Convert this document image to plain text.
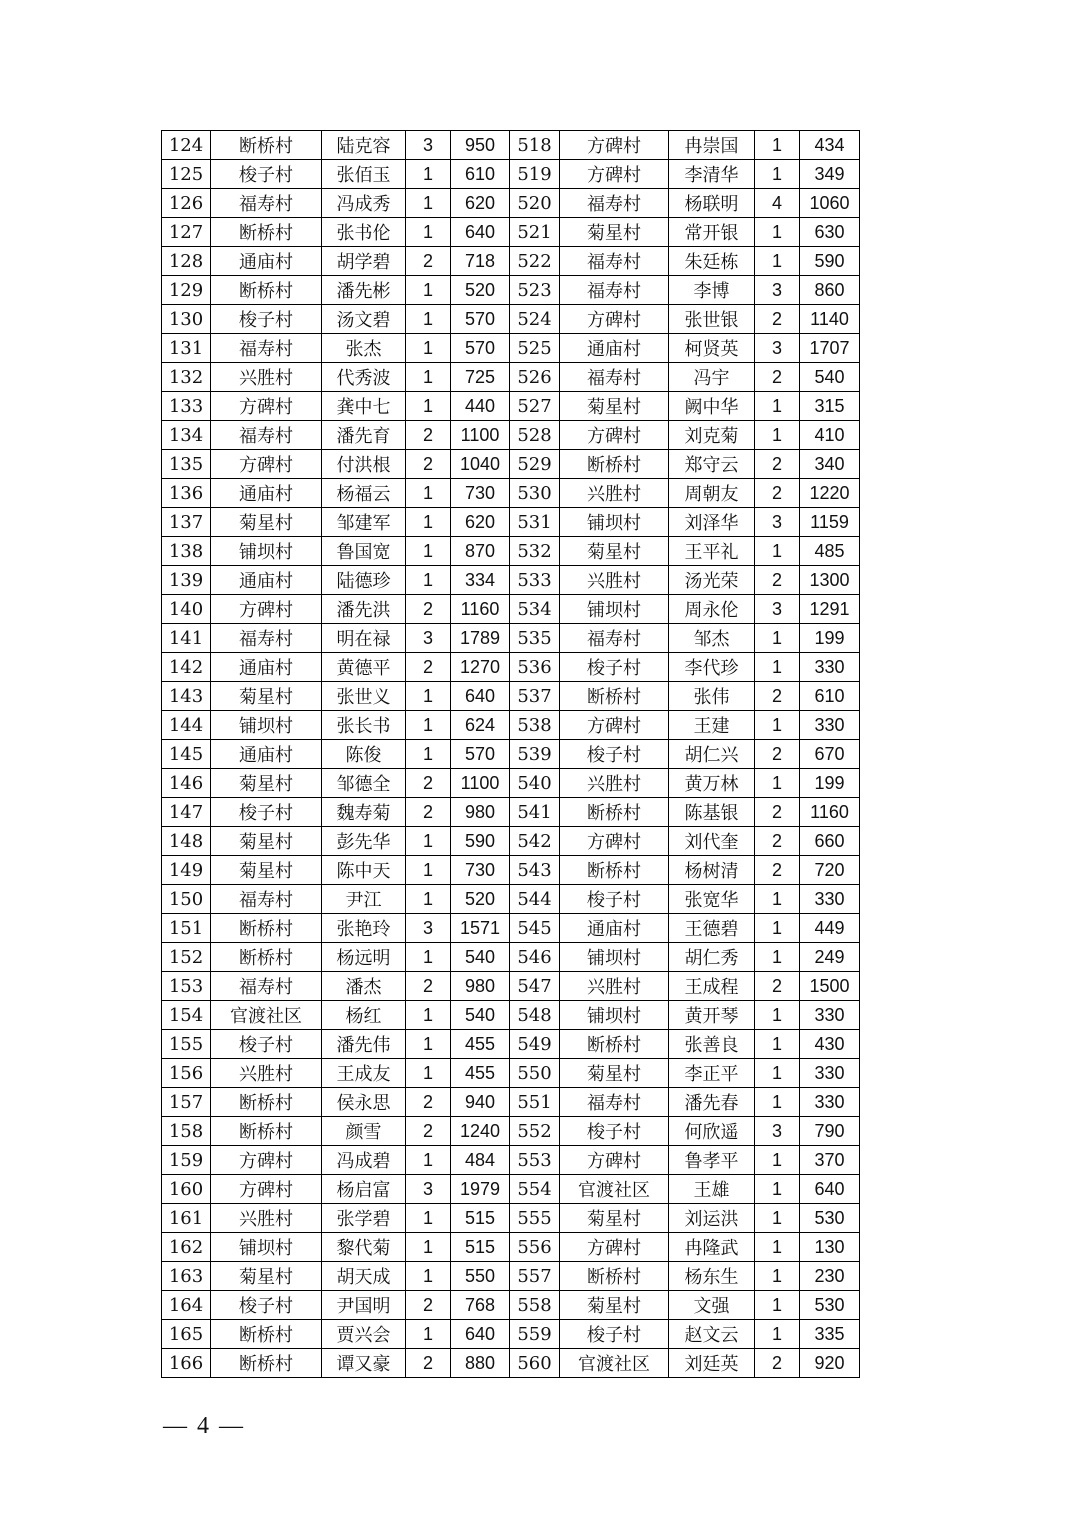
124	断桥村	陆克容	3	950	518	方碑村	冉崇国	1	434
125	梭子村	张佰玉	1	610	519	方碑村	李清华	1	349
126	福寿村	冯成秀	1	620	520	福寿村	杨联明	4	1060
127	断桥村	张书伦	1	640	521	菊星村	常开银	1	630
128	通庙村	胡学碧	2	718	522	福寿村	朱廷栋	1	590
129	断桥村	潘先彬	1	520	523	福寿村	李博	3	860
130	梭子村	汤文碧	1	570	524	方碑村	张世银	2	1140
131	福寿村	张杰	1	570	525	通庙村	柯贤英	3	1707
132	兴胜村	代秀波	1	725	526	福寿村	冯宇	2	540
133	方碑村	龚中七	1	440	527	菊星村	阙中华	1	315
134	福寿村	潘先育	2	1100	528	方碑村	刘克菊	1	410
135	方碑村	付洪根	2	1040	529	断桥村	郑守云	2	340
136	通庙村	杨福云	1	730	530	兴胜村	周朝友	2	1220
137	菊星村	邹建军	1	620	531	铺坝村	刘泽华	3	1159
138	铺坝村	鲁国宽	1	870	532	菊星村	王平礼	1	485
139	通庙村	陆德珍	1	334	533	兴胜村	汤光荣	2	1300
140	方碑村	潘先洪	2	1160	534	铺坝村	周永伦	3	1291
141	福寿村	明在禄	3	1789	535	福寿村	邹杰	1	199
142	通庙村	黄德平	2	1270	536	梭子村	李代珍	1	330
143	菊星村	张世义	1	640	537	断桥村	张伟	2	610
144	铺坝村	张长书	1	624	538	方碑村	王建	1	330
145	通庙村	陈俊	1	570	539	梭子村	胡仁兴	2	670
146	菊星村	邹德全	2	1100	540	兴胜村	黄万林	1	199
147	梭子村	魏寿菊	2	980	541	断桥村	陈基银	2	1160
148	菊星村	彭先华	1	590	542	方碑村	刘代奎	2	660
149	菊星村	陈中天	1	730	543	断桥村	杨树清	2	720
150	福寿村	尹江	1	520	544	梭子村	张宽华	1	330
151	断桥村	张艳玲	3	1571	545	通庙村	王德碧	1	449
152	断桥村	杨远明	1	540	546	铺坝村	胡仁秀	1	249
153	福寿村	潘杰	2	980	547	兴胜村	王成程	2	1500
154	官渡社区	杨红	1	540	548	铺坝村	黄开琴	1	330
155	梭子村	潘先伟	1	455	549	断桥村	张善良	1	430
156	兴胜村	王成友	1	455	550	菊星村	李正平	1	330
157	断桥村	侯永思	2	940	551	福寿村	潘先春	1	330
158	断桥村	颜雪	2	1240	552	梭子村	何欣遥	3	790
159	方碑村	冯成碧	1	484	553	方碑村	鲁孝平	1	370
160	方碑村	杨启富	3	1979	554	官渡社区	王雄	1	640
161	兴胜村	张学碧	1	515	555	菊星村	刘运洪	1	530
162	铺坝村	黎代菊	1	515	556	方碑村	冉隆武	1	130
163	菊星村	胡天成	1	550	557	断桥村	杨东生	1	230
164	梭子村	尹国明	2	768	558	菊星村	文强	1	530
165	断桥村	贾兴会	1	640	559	梭子村	赵文云	1	335
166	断桥村	谭又豪	2	880	560	官渡社区	刘廷英	2	920
— 4 —
